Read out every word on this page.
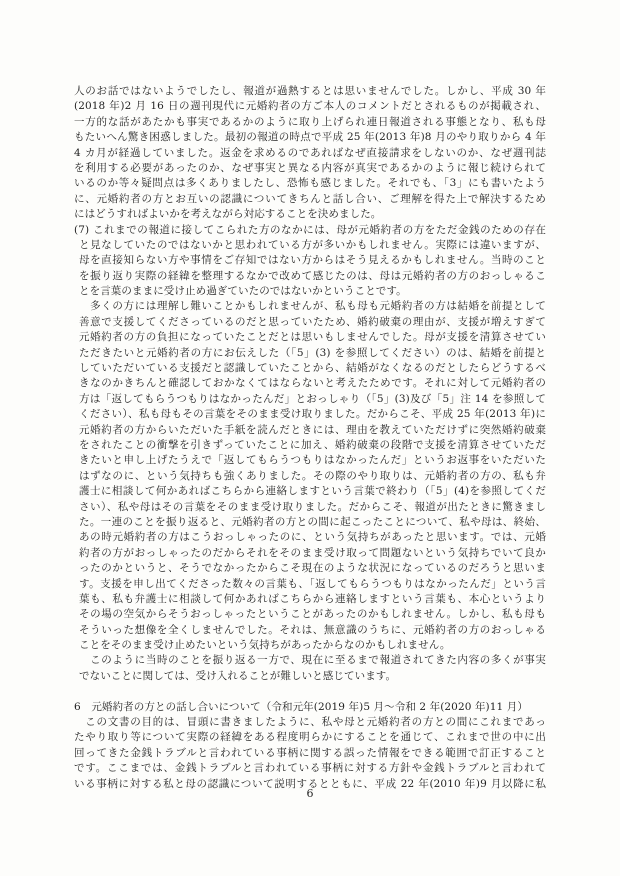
人のお話ではないようでしたし、報道が過熱するとは思いませんでした。しかし、平成 30 年
(2018 年)2 月 16 日の週刊現代に元婚約者の方ご本人のコメントだとされるものが掲載され、
一方的な話があたかも事実であるかのように取り上げられ連日報道される事態となり、私も母
もたいへん驚き困惑しました。最初の報道の時点で平成 25 年(2013 年)8 月のやり取りから 4 年
4 カ月が経過していました。返金を求めるのであればなぜ直接請求をしないのか、なぜ週刊誌
を利用する必要があったのか、なぜ事実と異なる内容が真実であるかのように報じ続けられて
いるのか等々疑問点は多くありましたし、恐怖も感じました。それでも、「3」にも書いたよう
に、元婚約者の方とお互いの認識についてきちんと話し合い、ご理解を得た上で解決するため
にはどうすればよいかを考えながら対応することを決めました。
(7) これまでの報道に接してこられた方のなかには、母が元婚約者の方をただ金銭のための存在
と見なしていたのではないかと思われている方が多いかもしれません。実際には違いますが、
母を直接知らない方や事情をご存知ではない方からはそう見えるかもしれません。当時のこと
を振り返り実際の経緯を整理するなかで改めて感じたのは、母は元婚約者の方のおっしゃるこ
とを言葉のままに受け止め過ぎていたのではないかということです。
　多くの方には理解し難いことかもしれませんが、私も母も元婚約者の方は結婚を前提として
善意で支援してくださっているのだと思っていたため、婚約破棄の理由が、支援が増えすぎて
元婚約者の方の負担になっていたことだとは思いもしませんでした。母が支援を清算させてい
ただきたいと元婚約者の方にお伝えした（「5」(3) を参照してください）のは、結婚を前提と
していただいている支援だと認識していたことから、結婚がなくなるのだとしたらどうするべ
きなのかきちんと確認しておかなくてはならないと考えたためです。それに対して元婚約者の
方は「返してもらうつもりはなかったんだ」とおっしゃり（「5」(3)及び「5」注 14 を参照して
ください）、私も母もその言葉をそのまま受け取りました。だからこそ、平成 25 年(2013 年)に
元婚約者の方からいただいた手紙を読んだときには、理由を教えていただけずに突然婚約破棄
をされたことの衝撃を引きずっていたことに加え、婚約破棄の段階で支援を清算させていただ
きたいと申し上げたうえで「返してもらうつもりはなかったんだ」というお返事をいただいた
はずなのに、という気持ちも強くありました。その際のやり取りは、元婚約者の方の、私も弁
護士に相談して何かあればこちらから連絡しますという言葉で終わり（「5」(4)を参照してくだ
さい）、私や母はその言葉をそのまま受け取りました。だからこそ、報道が出たときに驚きまし
た。一連のことを振り返ると、元婚約者の方との間に起こったことについて、私や母は、終始、
あの時元婚約者の方はこうおっしゃったのに、という気持ちがあったと思います。では、元婚
約者の方がおっしゃったのだからそれをそのまま受け取って問題ないという気持ちでいて良か
ったのかというと、そうでなかったからこそ現在のような状況になっているのだろうと思いま
す。支援を申し出てくださった数々の言葉も、「返してもらうつもりはなかったんだ」という言
葉も、私も弁護士に相談して何かあればこちらから連絡しますという言葉も、本心というより
その場の空気からそうおっしゃったということがあったのかもしれません。しかし、私も母も
そういった想像を全くしませんでした。それは、無意識のうちに、元婚約者の方のおっしゃる
ことをそのまま受け止めたいという気持ちがあったからなのかもしれません。
　このように当時のことを振り返る一方で、現在に至るまで報道されてきた内容の多くが事実
でないことに関しては、受け入れることが難しいと感じています。
6　元婚約者の方との話し合いについて（令和元年(2019 年)5 月～令和 2 年(2020 年)11 月）
　この文書の目的は、冒頭に書きましたように、私や母と元婚約者の方との間にこれまであっ
たやり取り等について実際の経緯をある程度明らかにすることを通じて、これまで世の中に出
回ってきた金銭トラブルと言われている事柄に関する誤った情報をできる範囲で訂正すること
です。ここまでは、金銭トラブルと言われている事柄に対する方針や金銭トラブルと言われて
いる事柄に対する私と母の認識について説明するとともに、平成 22 年(2010 年)9 月以降に私
6
